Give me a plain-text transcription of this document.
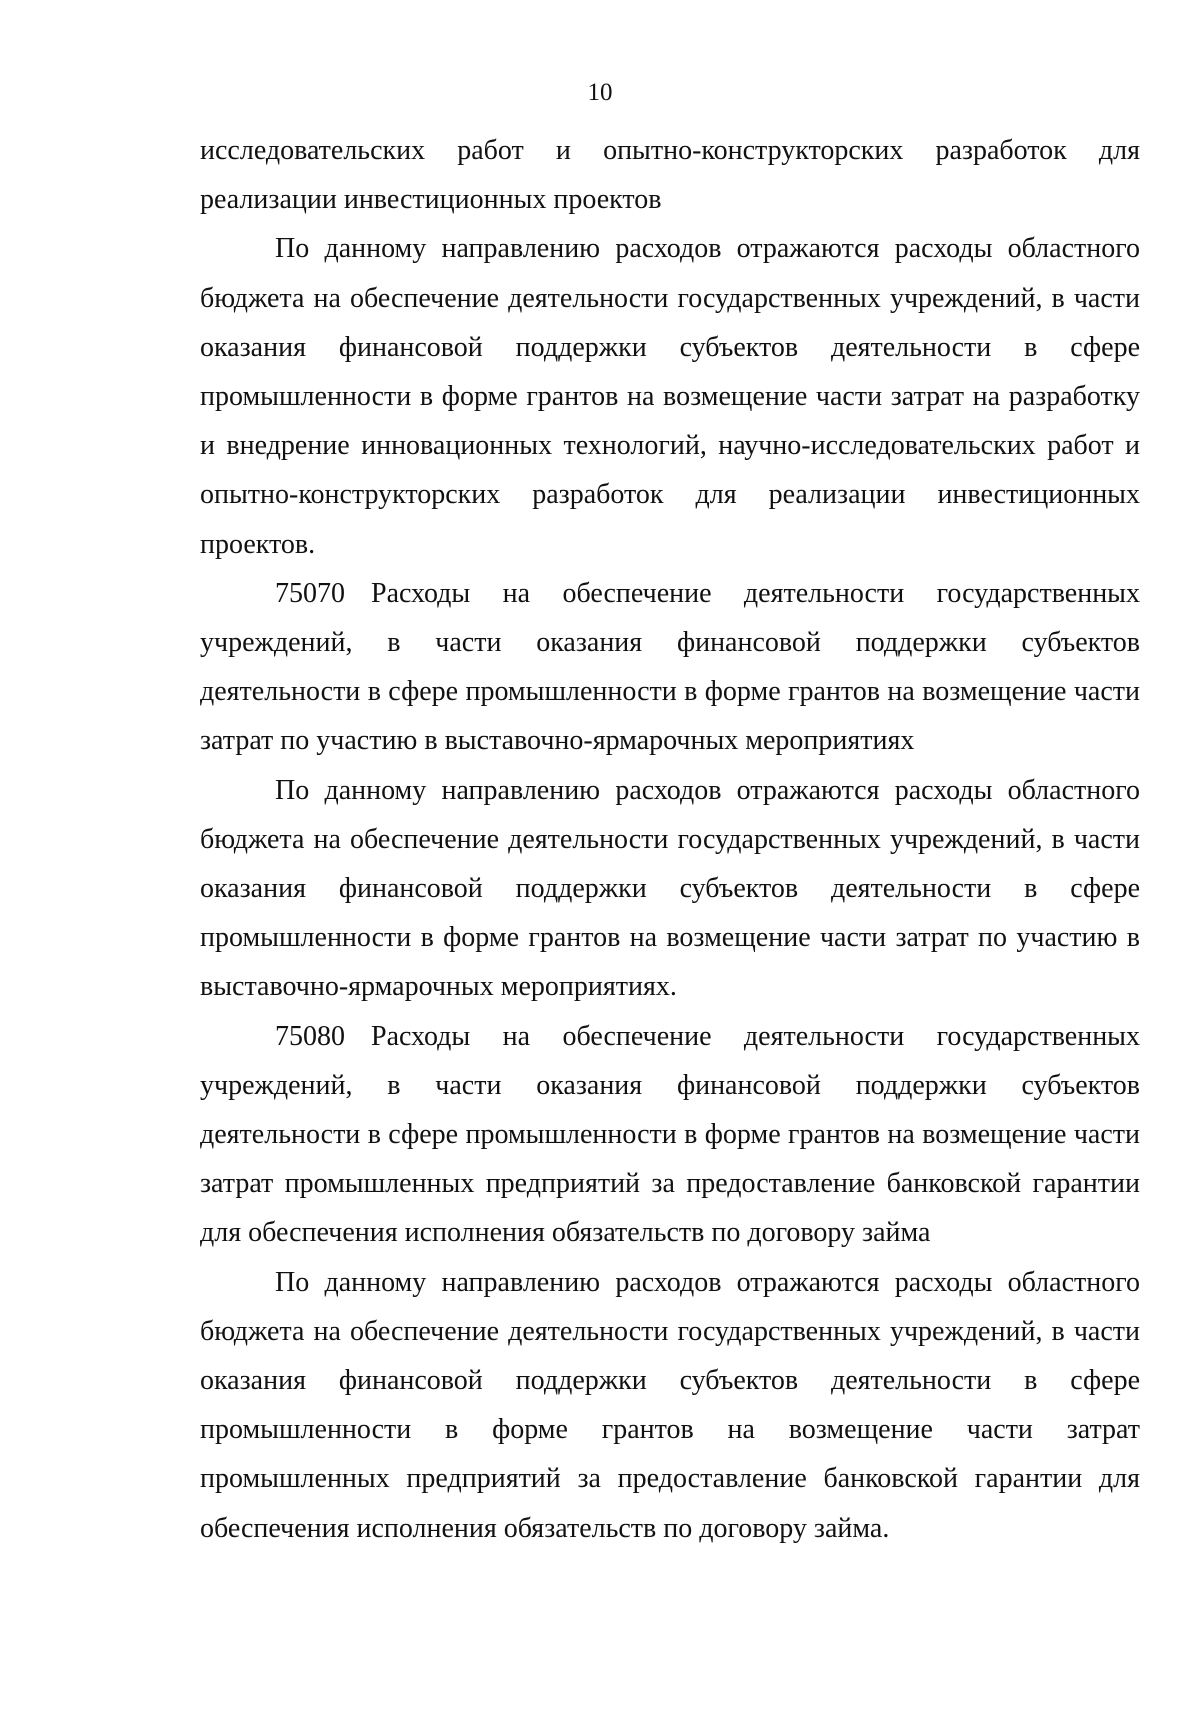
10

исследовательских работ и опытно-конструкторских разработок для реализации инвестиционных проектов

По данному направлению расходов отражаются расходы областного бюджета на обеспечение деятельности государственных учреждений, в части оказания финансовой поддержки субъектов деятельности в сфере промышленности в форме грантов на возмещение части затрат на разработку и внедрение инновационных технологий, научно-исследовательских работ и опытно-конструкторских разработок для реализации инвестиционных проектов.

75070 Расходы на обеспечение деятельности государственных учреждений, в части оказания финансовой поддержки субъектов деятельности в сфере промышленности в форме грантов на возмещение части затрат по участию в выставочно-ярмарочных мероприятиях

По данному направлению расходов отражаются расходы областного бюджета на обеспечение деятельности государственных учреждений, в части оказания финансовой поддержки субъектов деятельности в сфере промышленности в форме грантов на возмещение части затрат по участию в выставочно-ярмарочных мероприятиях.

75080 Расходы на обеспечение деятельности государственных учреждений, в части оказания финансовой поддержки субъектов деятельности в сфере промышленности в форме грантов на возмещение части затрат промышленных предприятий за предоставление банковской гарантии для обеспечения исполнения обязательств по договору займа

По данному направлению расходов отражаются расходы областного бюджета на обеспечение деятельности государственных учреждений, в части оказания финансовой поддержки субъектов деятельности в сфере промышленности в форме грантов на возмещение части затрат промышленных предприятий за предоставление банковской гарантии для обеспечения исполнения обязательств по договору займа.
